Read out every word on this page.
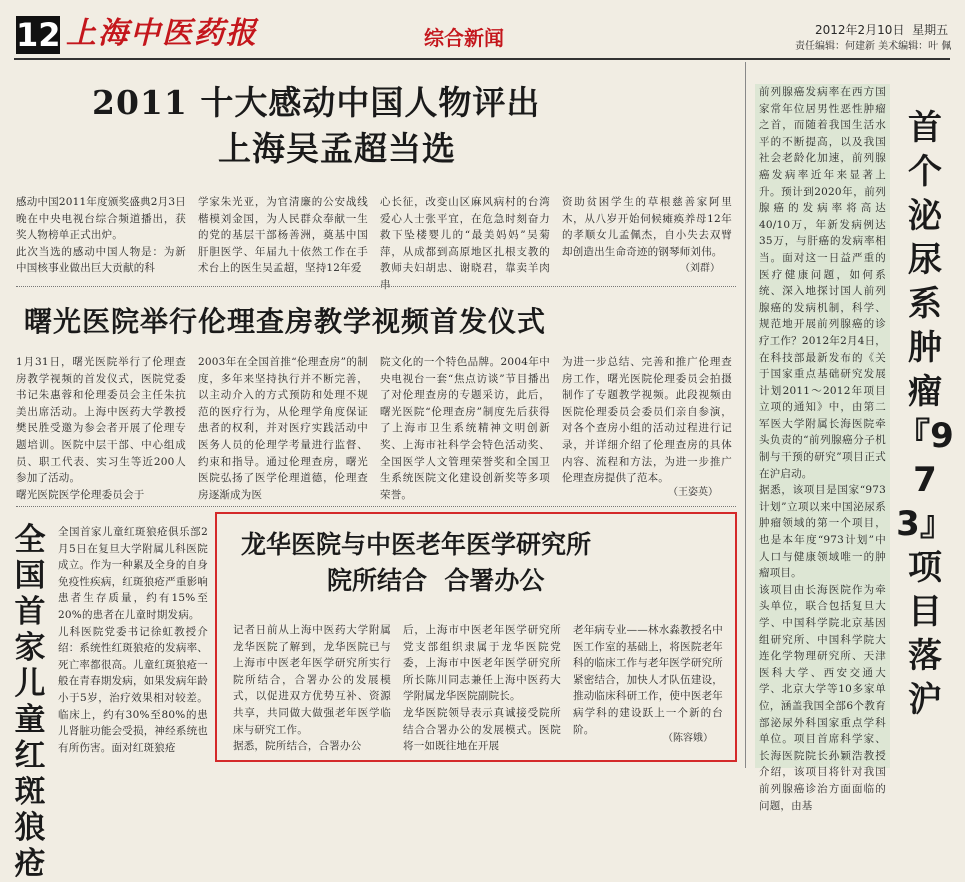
12 上海中医药报	综合新闻	2012年2月10日 星期五
责任编辑：何建新 美术编辑：叶 佩
2011 十大感动中国人物评出
上海吴孟超当选
感动中国2011年度颁奖盛典2月3日晚在中央电视台综合频道播出，获奖人物榜单正式出炉。
此次当选的感动中国人物是：为新中国核事业做出巨大贡献的科
学家朱光亚，为官清廉的公安战线楷模刘金国，为人民群众奉献一生的党的基层干部杨善洲，奠基中国肝胆医学、年届九十依然工作在手术台上的医生吴孟超，坚持12年爱
心长征，改变山区麻风病村的台湾爱心人士张平宜，在危急时刻奋力救下坠楼婴儿的“最美妈妈”吴菊萍，从成都到高原地区扎根支教的教师夫妇胡忠、谢晓君，靠卖羊肉串
资助贫困学生的草根慈善家阿里木，从八岁开始伺候瘫痪养母12年的孝顺女儿孟佩杰，自小失去双臂却创造出生命奇迹的钢琴师刘伟。
（刘群）
曙光医院举行伦理查房教学视频首发仪式
1月31日，曙光医院举行了伦理查房教学视频的首发仪式，医院党委书记朱惠蓉和伦理委员会主任朱抗美出席活动。上海中医药大学教授樊民胜受邀为参会者开展了伦理专题培训。医院中层干部、中心组成员、职工代表、实习生等近200人参加了活动。
曙光医院医学伦理委员会于
2003年在全国首推“伦理查房”的制度，多年来坚持执行并不断完善，以主动介入的方式预防和处理不规范的医疗行为，从伦理学角度保证患者的权利，并对医疗实践活动中医务人员的伦理学考量进行监督、约束和指导。通过伦理查房，曙光医院弘扬了医学伦理道德，伦理查房逐渐成为医
院文化的一个特色品牌。2004年中央电视台一套“焦点访谈”节目播出了对伦理查房的专题采访，此后，曙光医院“伦理查房”制度先后获得了上海市卫生系统精神文明创新奖、上海市社科学会特色活动奖、全国医学人文管理荣誉奖和全国卫生系统医院文化建设创新奖等多项荣誉。
为进一步总结、完善和推广伦理查房工作，曙光医院伦理委员会拍摄制作了专题教学视频。此段视频由医院伦理委员会委员们亲自参演，对各个查房小组的活动过程进行记录，并详细介绍了伦理查房的具体内容、流程和方法，为进一步推广伦理查房提供了范本。
（王姿英）
全国首家儿童红斑狼疮
全国首家儿童红斑狼疮俱乐部2月5日在复旦大学附属儿科医院成立。作为一种累及全身的自身免疫性疾病，红斑狼疮严重影响患者生存质量，约有15%至20%的患者在儿童时期发病。
儿科医院党委书记徐虹教授介绍：系统性红斑狼疮的发病率、死亡率都很高。儿童红斑狼疮一般在青春期发病，如果发病年龄小于5岁，治疗效果相对较差。临床上，约有30%至80%的患儿肾脏功能会受损，神经系统也有所伤害。面对红斑狼疮
龙华医院与中医老年医学研究所
院所结合  合署办公
记者日前从上海中医药大学附属龙华医院了解到，龙华医院已与上海市中医老年医学研究所实行院所结合，合署办公的发展模式，以促进双方优势互补、资源共享，共同做大做强老年医学临床与研究工作。
据悉，院所结合，合署办公
后，上海市中医老年医学研究所党支部组织隶属于龙华医院党委，上海市中医老年医学研究所所长陈川同志兼任上海中医药大学附属龙华医院副院长。
龙华医院领导表示真诚接受院所结合合署办公的发展模式。医院将一如既往地在开展
老年病专业——林水淼教授名中医工作室的基础上，将医院老年科的临床工作与老年医学研究所紧密结合，加快人才队伍建设，推动临床科研工作，使中医老年病学科的建设跃上一个新的台阶。
（陈容娥）
前列腺癌发病率在西方国家常年位居男性恶性肿瘤之首，而随着我国生活水平的不断提高，以及我国社会老龄化加速，前列腺癌发病率近年来显著上升。预计到2020年，前列腺癌的发病率将高达40/10万，年新发病例达35万，与肝癌的发病率相当。面对这一日益严重的医疗健康问题，如何系统、深入地探讨国人前列腺癌的发病机制，科学、规范地开展前列腺癌的诊疗工作？2012年2月4日，在科技部最新发布的《关于国家重点基础研究发展计划2011～2012年项目立项的通知》中，由第二军医大学附属长海医院牵头负责的“前列腺癌分子机制与干预的研究”项目正式在沪启动。
据悉，该项目是国家“973计划”立项以来中国泌尿系肿瘤领域的第一个项目，也是本年度“973计划”中人口与健康领域唯一的肿瘤项目。
该项目由长海医院作为牵头单位，联合包括复旦大学、中国科学院北京基因组研究所、中国科学院大连化学物理研究所、天津医科大学、西安交通大学、北京大学等10多家单位，涵盖我国全部6个教育部泌尿外科国家重点学科单位。项目首席科学家、长海医院院长孙颖浩教授介绍，该项目将针对我国前列腺癌诊治方面面临的问题，由基
首个泌尿系肿瘤『973』项目落沪
